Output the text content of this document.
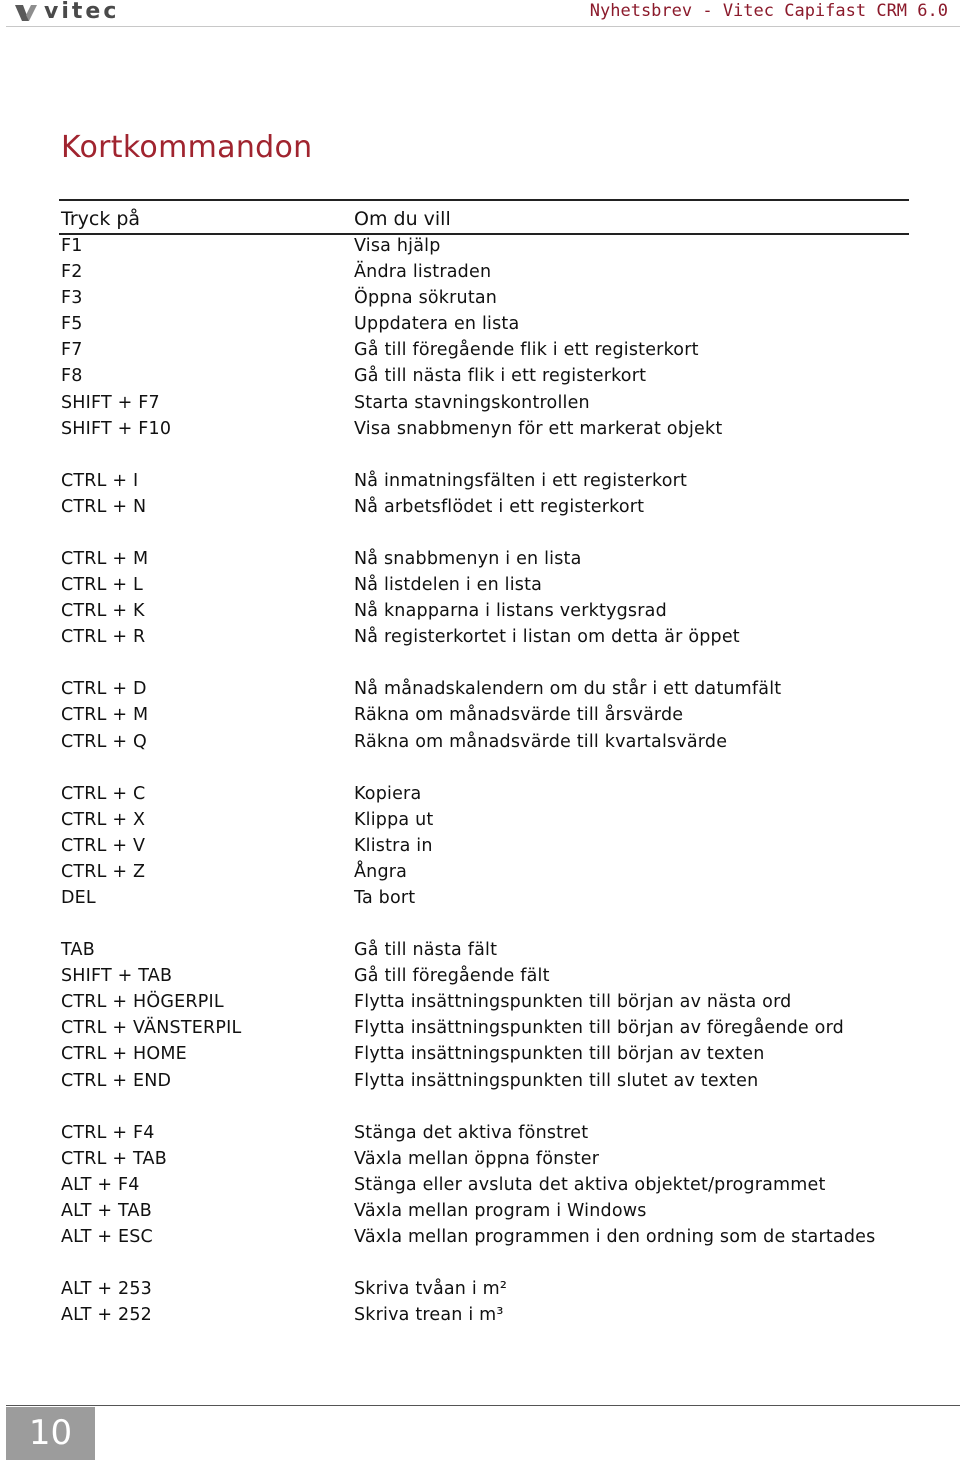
vitec	Nyhetsbrev - Vitec Capifast CRM 6.0
Kortkommandon
Tryck på	Om du vill
F1	Visa hjälp
F2	Ändra listraden
F3	Öppna sökrutan
F5	Uppdatera en lista
F7	Gå till föregående flik i ett registerkort
F8	Gå till nästa flik i ett registerkort
SHIFT + F7	Starta stavningskontrollen
SHIFT + F10	Visa snabbmenyn för ett markerat objekt
CTRL + I	Nå inmatningsfälten i ett registerkort
CTRL + N	Nå arbetsflödet i ett registerkort
CTRL + M	Nå snabbmenyn i en lista
CTRL + L	Nå listdelen i en lista
CTRL + K	Nå knapparna i listans verktygsrad
CTRL + R	Nå registerkortet i listan om detta är öppet
CTRL + D	Nå månadskalendern om du står i ett datumfält
CTRL + M	Räkna om månadsvärde till årsvärde
CTRL + Q	Räkna om månadsvärde till kvartalsvärde
CTRL + C	Kopiera
CTRL + X	Klippa ut
CTRL + V	Klistra in
CTRL + Z	Ångra
DEL	Ta bort
TAB	Gå till nästa fält
SHIFT + TAB	Gå till föregående fält
CTRL + HÖGERPIL	Flytta insättningspunkten till början av nästa ord
CTRL + VÄNSTERPIL	Flytta insättningspunkten till början av föregående ord
CTRL + HOME	Flytta insättningspunkten till början av texten
CTRL + END	Flytta insättningspunkten till slutet av texten
CTRL + F4	Stänga det aktiva fönstret
CTRL + TAB	Växla mellan öppna fönster
ALT + F4	Stänga eller avsluta det aktiva objektet/programmet
ALT + TAB	Växla mellan program i Windows
ALT + ESC	Växla mellan programmen i den ordning som de startades
ALT + 253	Skriva tvåan i m²
ALT + 252	Skriva trean i m³
10
